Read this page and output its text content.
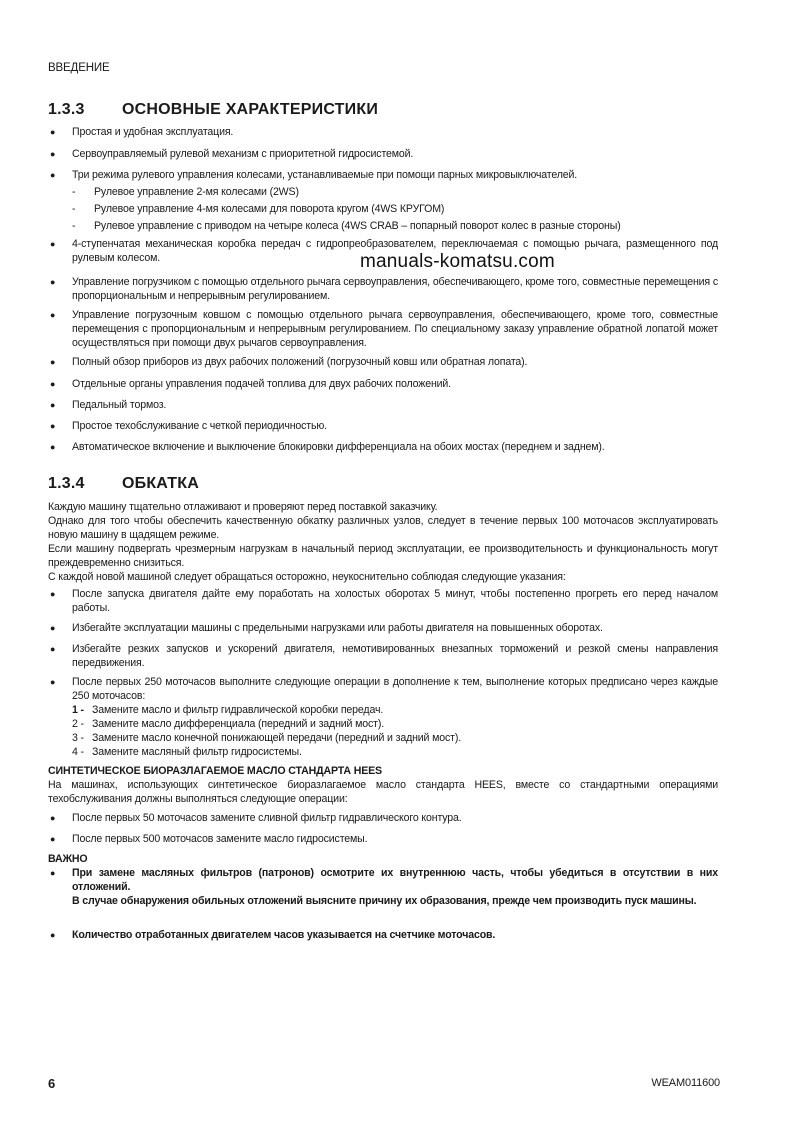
ВВЕДЕНИЕ
1.3.3 ОСНОВНЫЕ ХАРАКТЕРИСТИКИ
● Простая и удобная эксплуатация.
● Сервоуправляемый рулевой механизм с приоритетной гидросистемой.
● Три режима рулевого управления колесами, устанавливаемые при помощи парных микровыключателей.
- Рулевое управление 2-мя колесами (2WS)
- Рулевое управление 4-мя колесами для поворота кругом (4WS КРУГОМ)
- Рулевое управление с приводом на четыре колеса (4WS CRAB – попарный поворот колес в разные стороны)
● 4-ступенчатая механическая коробка передач с гидропреобразователем, переключаемая с помощью рычага, размещенного под рулевым колесом.
● Управление погрузчиком с помощью отдельного рычага сервоуправления, обеспечивающего, кроме того, совместные перемещения с пропорциональным и непрерывным регулированием.
● Управление погрузочным ковшом с помощью отдельного рычага сервоуправления, обеспечивающего, кроме того, совместные перемещения с пропорциональным и непрерывным регулированием. По специальному заказу управление обратной лопатой может осуществляться при помощи двух рычагов сервоуправления.
● Полный обзор приборов из двух рабочих положений (погрузочный ковш или обратная лопата).
● Отдельные органы управления подачей топлива для двух рабочих положений.
● Педальный тормоз.
● Простое техобслуживание с четкой периодичностью.
● Автоматическое включение и выключение блокировки дифференциала на обоих мостах (переднем и заднем).
manuals-komatsu.com
1.3.4 ОБКАТКА
Каждую машину тщательно отлаживают и проверяют перед поставкой заказчику.
Однако для того чтобы обеспечить качественную обкатку различных узлов, следует в течение первых 100 моточасов эксплуатировать новую машину в щадящем режиме.
Если машину подвергать чрезмерным нагрузкам в начальный период эксплуатации, ее производительность и функциональность могут преждевременно снизиться.
С каждой новой машиной следует обращаться осторожно, неукоснительно соблюдая следующие указания:
● После запуска двигателя дайте ему поработать на холостых оборотах 5 минут, чтобы постепенно прогреть его перед началом работы.
● Избегайте эксплуатации машины с предельными нагрузками или работы двигателя на повышенных оборотах.
● Избегайте резких запусков и ускорений двигателя, немотивированных внезапных торможений и резкой смены направления передвижения.
● После первых 250 моточасов выполните следующие операции в дополнение к тем, выполнение которых предписано через каждые 250 моточасов:
1 - Замените масло и фильтр гидравлической коробки передач.
2 - Замените масло дифференциала (передний и задний мост).
3 - Замените масло конечной понижающей передачи (передний и задний мост).
4 - Замените масляный фильтр гидросистемы.
СИНТЕТИЧЕСКОЕ БИОРАЗЛАГАЕМОЕ МАСЛО СТАНДАРТА HEES
На машинах, использующих синтетическое биоразлагаемое масло стандарта HEES, вместе со стандартными операциями техобслуживания должны выполняться следующие операции:
● После первых 50 моточасов замените сливной фильтр гидравлического контура.
● После первых 500 моточасов замените масло гидросистемы.
ВАЖНО
● При замене масляных фильтров (патронов) осмотрите их внутреннюю часть, чтобы убедиться в отсутствии в них отложений.
В случае обнаружения обильных отложений выясните причину их образования, прежде чем производить пуск машины.
● Количество отработанных двигателем часов указывается на счетчике моточасов.
6	WEAM011600
